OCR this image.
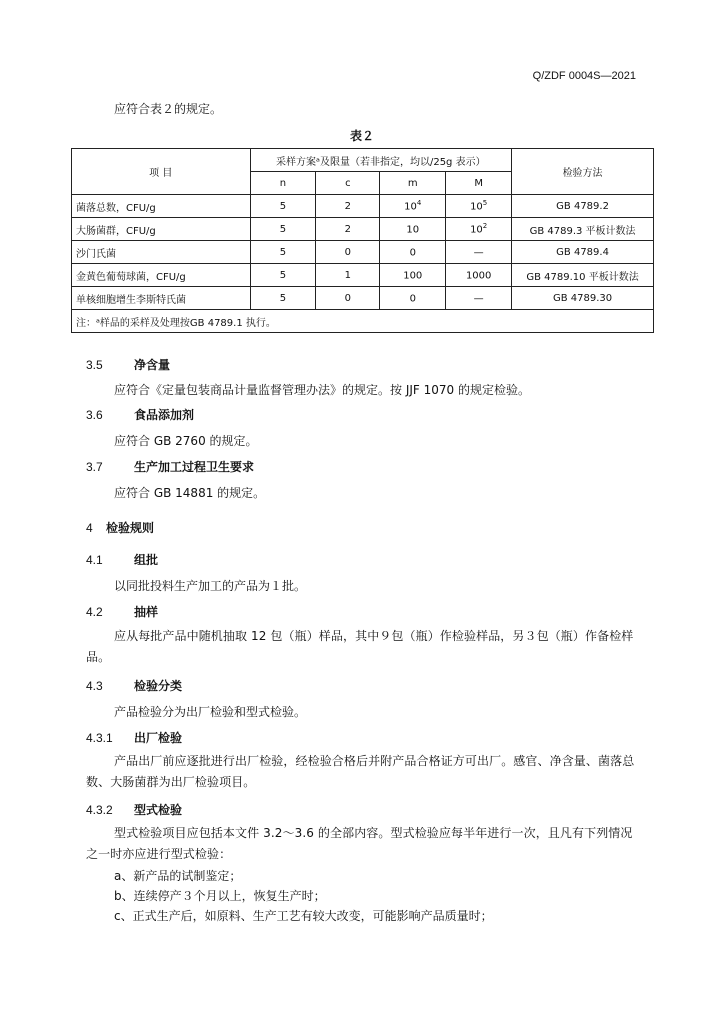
Q/ZDF 0004S—2021
应符合表２的规定。
表２
项 目	采样方案ᵃ及限量（若非指定，均以/25g 表示）				检验方法
	n	c	m	M	
菌落总数，CFU/g	5	2	$10^4$	$10^5$	GB 4789.2
大肠菌群，CFU/g	5	2	10	$10^2$	GB 4789.3 平板计数法
沙门氏菌	5	0	0	—	GB 4789.4
金黄色葡萄球菌，CFU/g	5	1	100	1000	GB 4789.10 平板计数法
单核细胞增生李斯特氏菌	5	0	0	—	GB 4789.30
注：ᵃ样品的采样及处理按GB 4789.1 执行。					
3.5	净含量
应符合《定量包装商品计量监督管理办法》的规定。按 JJF 1070 的规定检验。
3.6	食品添加剂
应符合 GB 2760 的规定。
3.7	生产加工过程卫生要求
应符合 GB 14881 的规定。
4 检验规则
4.1	组批
以同批投料生产加工的产品为１批。
4.2	抽样
应从每批产品中随机抽取 12 包（瓶）样品，其中９包（瓶）作检验样品，另３包（瓶）作备检样品。
4.3	检验分类
产品检验分为出厂检验和型式检验。
4.3.1 出厂检验
产品出厂前应逐批进行出厂检验，经检验合格后并附产品合格证方可出厂。感官、净含量、菌落总数、大肠菌群为出厂检验项目。
4.3.2 型式检验
型式检验项目应包括本文件 3.2～3.6 的全部内容。型式检验应每半年进行一次，且凡有下列情况之一时亦应进行型式检验：
a、新产品的试制鉴定；
b、连续停产３个月以上，恢复生产时；
c、正式生产后，如原料、生产工艺有较大改变，可能影响产品质量时；
